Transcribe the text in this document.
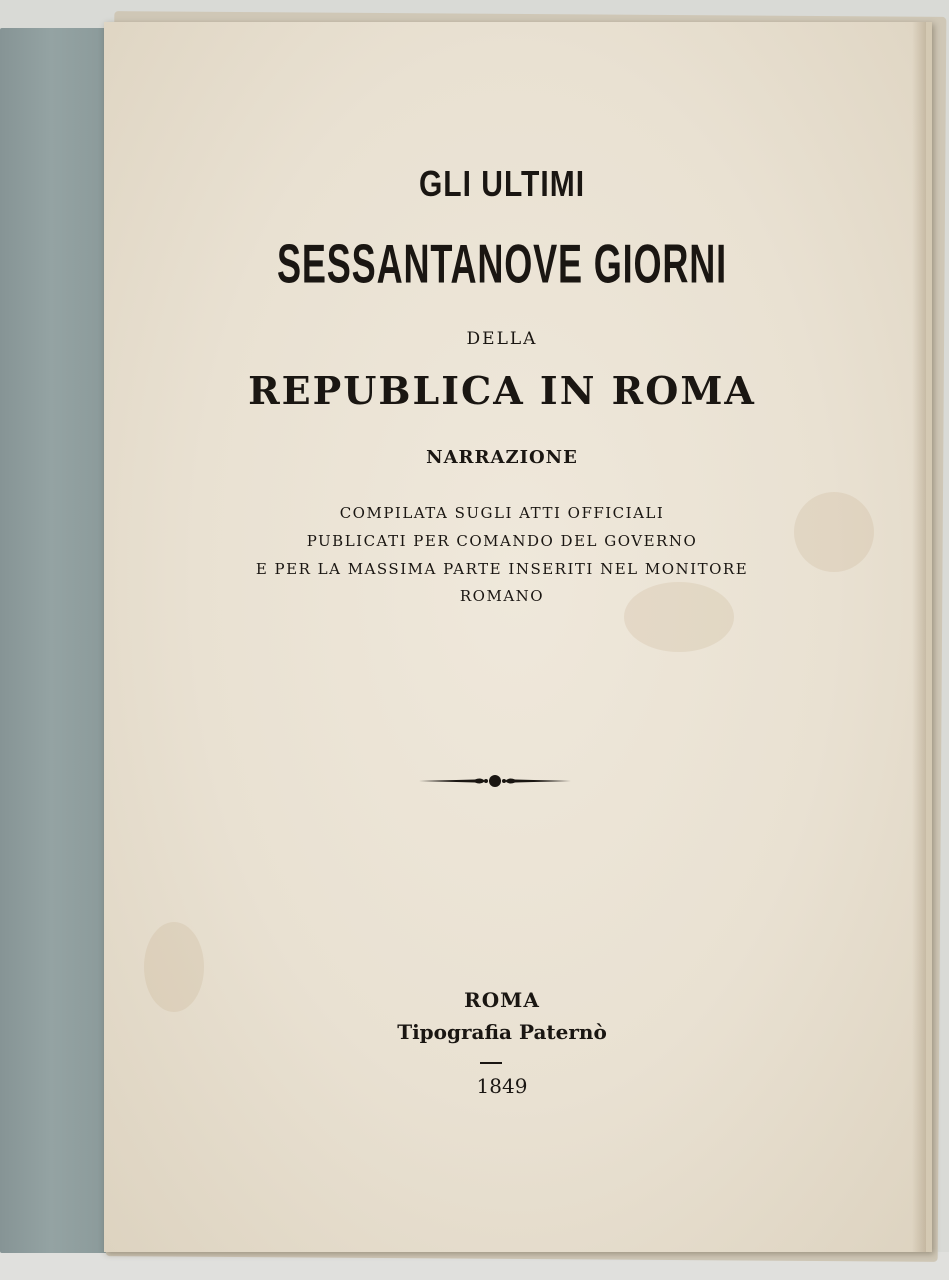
GLI ULTIMI
SESSANTANOVE GIORNI
DELLA
REPUBLICA IN ROMA
NARRAZIONE
COMPILATA SUGLI ATTI OFFICIALI
PUBLICATI PER COMANDO DEL GOVERNO
E PER LA MASSIMA PARTE INSERITI NEL MONITORE
ROMANO
ROMA
Tipografia Paternò
1849
